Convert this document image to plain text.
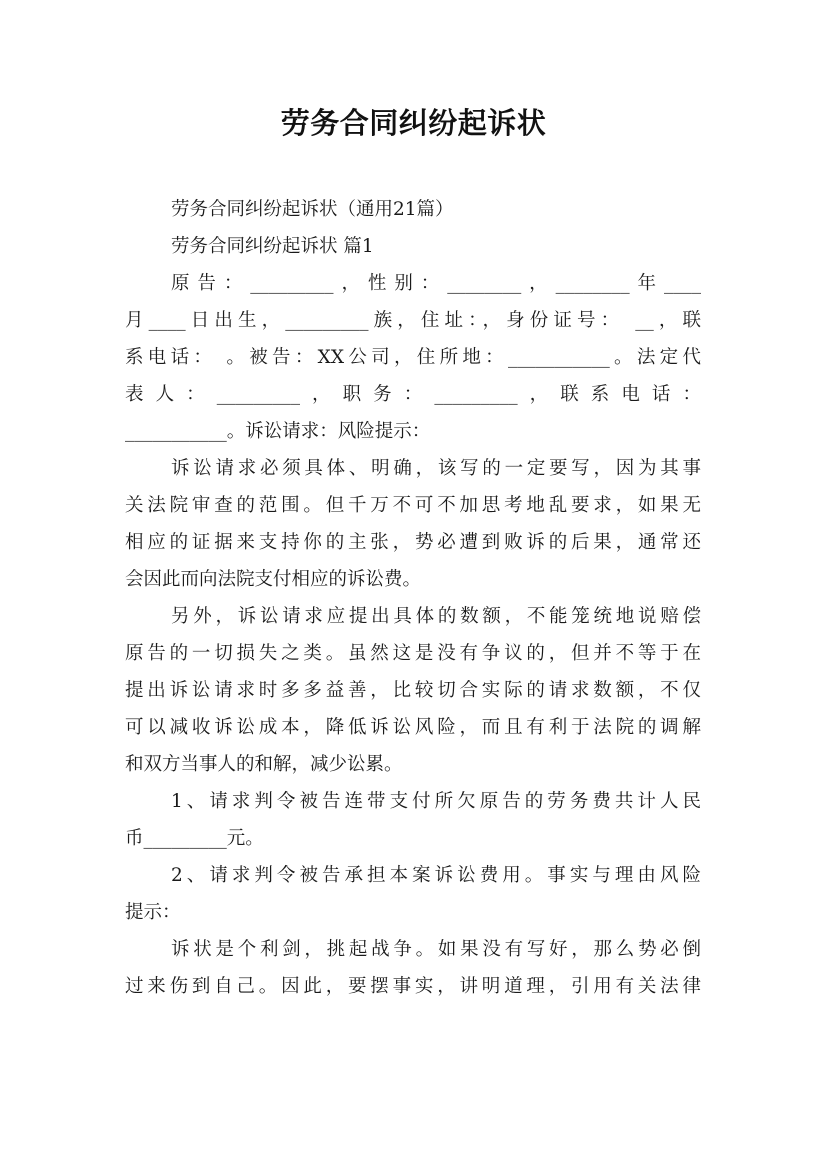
劳务合同纠纷起诉状
劳务合同纠纷起诉状（通用21篇）
劳务合同纠纷起诉状 篇1
原告：_________，性别：________，________年____
月____日出生，_________族，住址：，身份证号： __，联
系电话： 。被告：XX公司，住所地：___________。法定代
表人：_________，职务：_________，联系电话：
___________。诉讼请求：风险提示：
诉讼请求必须具体、明确，该写的一定要写，因为其事
关法院审查的范围。但千万不可不加思考地乱要求，如果无
相应的证据来支持你的主张，势必遭到败诉的后果，通常还
会因此而向法院支付相应的诉讼费。
另外，诉讼请求应提出具体的数额，不能笼统地说赔偿
原告的一切损失之类。虽然这是没有争议的，但并不等于在
提出诉讼请求时多多益善，比较切合实际的请求数额，不仅
可以减收诉讼成本，降低诉讼风险，而且有利于法院的调解
和双方当事人的和解，减少讼累。
1、请求判令被告连带支付所欠原告的劳务费共计人民
币_________元。
2、请求判令被告承担本案诉讼费用。事实与理由风险
提示：
诉状是个利剑，挑起战争。如果没有写好，那么势必倒
过来伤到自己。因此，要摆事实，讲明道理，引用有关法律
